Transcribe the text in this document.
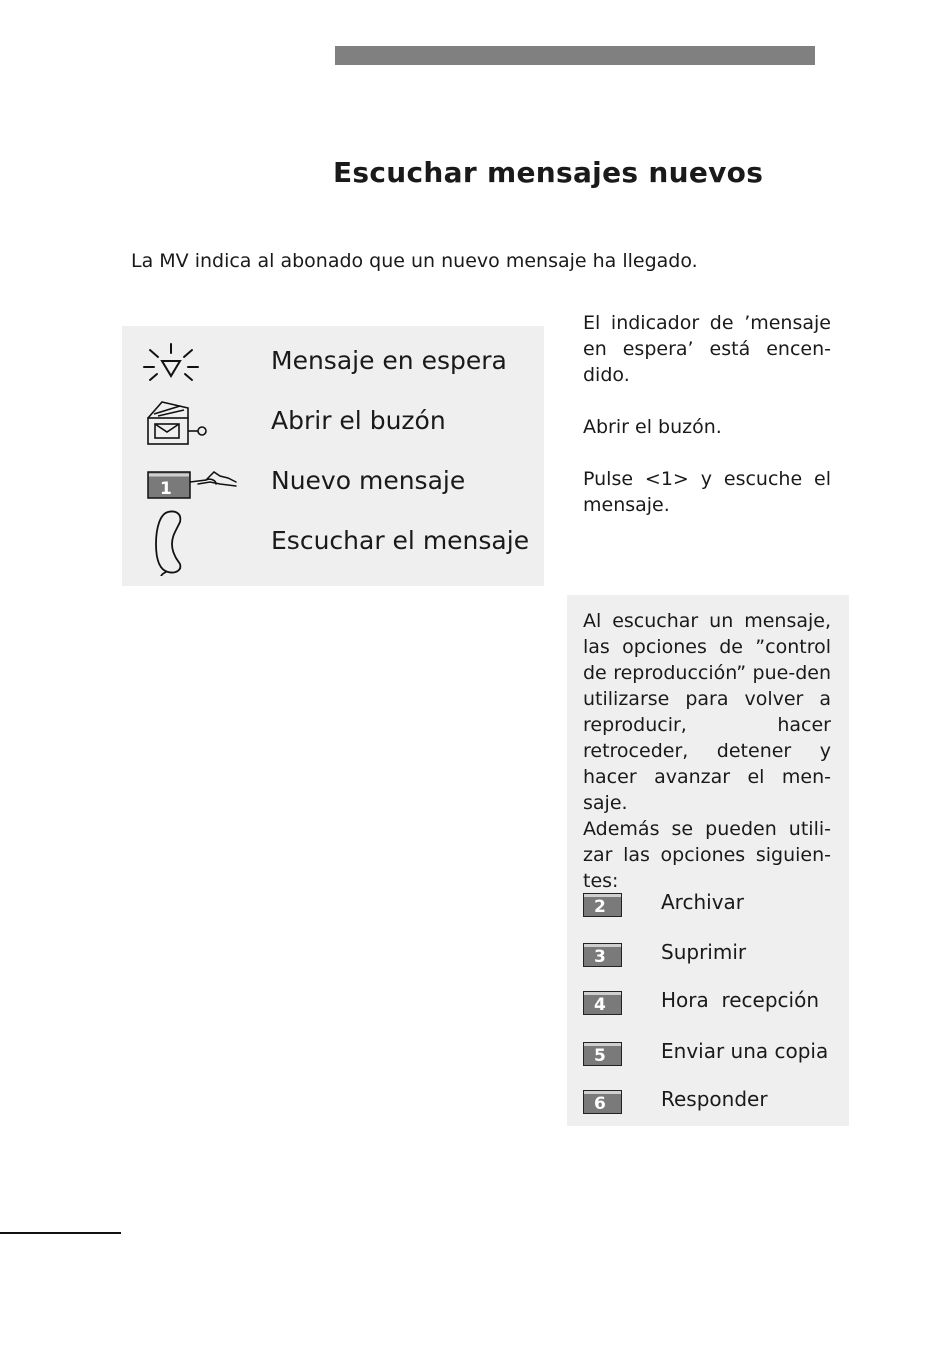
Escuchar mensajes nuevos
La MV indica al abonado que un nuevo mensaje ha llegado.
Mensaje en espera
Abrir el buzón
1	Nuevo mensaje
Escuchar el mensaje

El indicador de ’mensaje en espera’ está encen-dido.

Abrir el buzón.

Pulse <1> y escuche el mensaje.

Al escuchar un mensaje, las opciones de ”control de reproducción” pue-den utilizarse para volver a reproducir, hacer retroceder, detener y hacer avanzar el men-saje.

Además se pueden utili-zar las opciones siguien-tes:

2	Archivar
3	Suprimir
4	Hora  recepción
5	Enviar una copia
6	Responder
